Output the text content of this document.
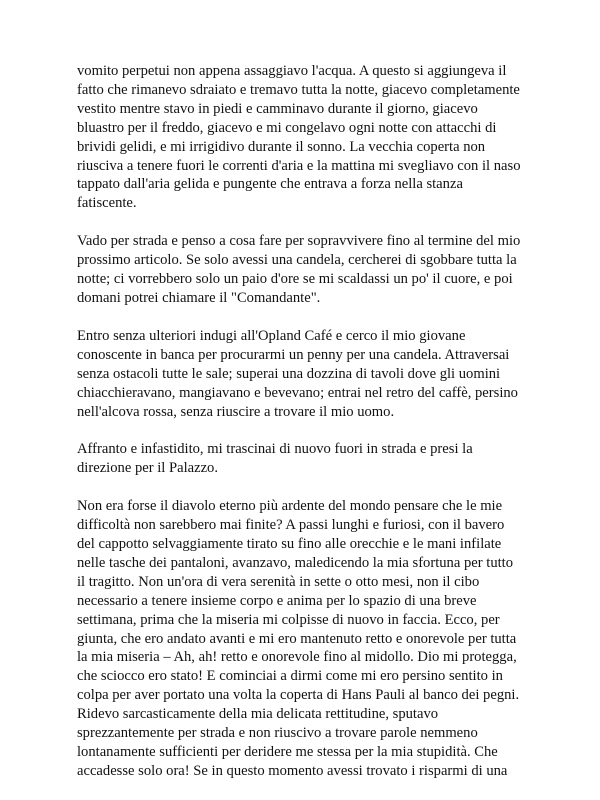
vomito perpetui non appena assaggiavo l'acqua. A questo si aggiungeva il
fatto che rimanevo sdraiato e tremavo tutta la notte, giacevo completamente
vestito mentre stavo in piedi e camminavo durante il giorno, giacevo
bluastro per il freddo, giacevo e mi congelavo ogni notte con attacchi di
brividi gelidi, e mi irrigidivo durante il sonno. La vecchia coperta non
riusciva a tenere fuori le correnti d'aria e la mattina mi svegliavo con il naso
tappato dall'aria gelida e pungente che entrava a forza nella stanza
fatiscente.

Vado per strada e penso a cosa fare per sopravvivere fino al termine del mio
prossimo articolo. Se solo avessi una candela, cercherei di sgobbare tutta la
notte; ci vorrebbero solo un paio d'ore se mi scaldassi un po' il cuore, e poi
domani potrei chiamare il "Comandante".

Entro senza ulteriori indugi all'Opland Café e cerco il mio giovane
conoscente in banca per procurarmi un penny per una candela. Attraversai
senza ostacoli tutte le sale; superai una dozzina di tavoli dove gli uomini
chiacchieravano, mangiavano e bevevano; entrai nel retro del caffè, persino
nell'alcova rossa, senza riuscire a trovare il mio uomo.

Affranto e infastidito, mi trascinai di nuovo fuori in strada e presi la
direzione per il Palazzo.

Non era forse il diavolo eterno più ardente del mondo pensare che le mie
difficoltà non sarebbero mai finite? A passi lunghi e furiosi, con il bavero
del cappotto selvaggiamente tirato su fino alle orecchie e le mani infilate
nelle tasche dei pantaloni, avanzavo, maledicendo la mia sfortuna per tutto
il tragitto. Non un'ora di vera serenità in sette o otto mesi, non il cibo
necessario a tenere insieme corpo e anima per lo spazio di una breve
settimana, prima che la miseria mi colpisse di nuovo in faccia. Ecco, per
giunta, che ero andato avanti e mi ero mantenuto retto e onorevole per tutta
la mia miseria – Ah, ah! retto e onorevole fino al midollo. Dio mi protegga,
che sciocco ero stato! E cominciai a dirmi come mi ero persino sentito in
colpa per aver portato una volta la coperta di Hans Pauli al banco dei pegni.
Ridevo sarcasticamente della mia delicata rettitudine, sputavo
sprezzantemente per strada e non riuscivo a trovare parole nemmeno
lontanamente sufficienti per deridere me stessa per la mia stupidità. Che
accadesse solo ora! Se in questo momento avessi trovato i risparmi di una
